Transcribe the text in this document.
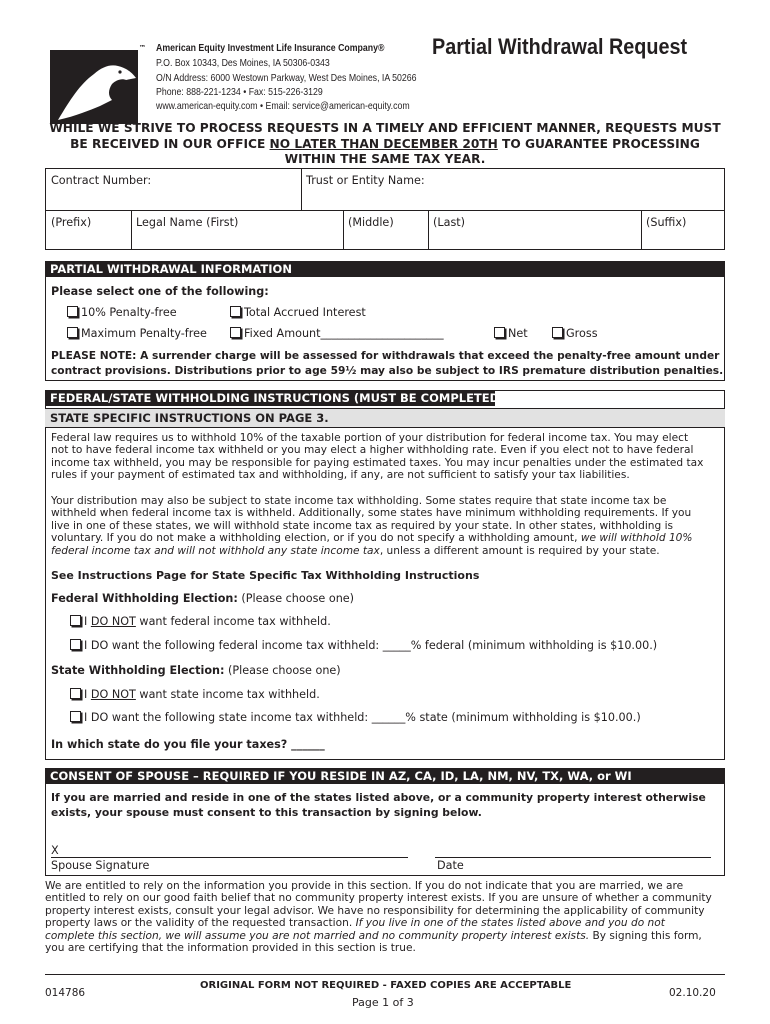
™ American Equity Investment Life Insurance Company®
P.O. Box 10343, Des Moines, IA 50306-0343
O/N Address: 6000 Westown Parkway, West Des Moines, IA 50266
Phone: 888-221-1234 • Fax: 515-226-3129
www.american-equity.com • Email: service@american-equity.com
Partial Withdrawal Request
WHILE WE STRIVE TO PROCESS REQUESTS IN A TIMELY AND EFFICIENT MANNER, REQUESTS MUST
BE RECEIVED IN OUR OFFICE NO LATER THAN DECEMBER 20TH TO GUARANTEE PROCESSING
WITHIN THE SAME TAX YEAR.
Contract Number:	Trust or Entity Name:
(Prefix)	Legal Name (First)	(Middle)	(Last)	(Suffix)
PARTIAL WITHDRAWAL INFORMATION
Please select one of the following:
10% Penalty-free	Total Accrued Interest
Maximum Penalty-free	Fixed Amount______________________	Net	Gross
PLEASE NOTE: A surrender charge will be assessed for withdrawals that exceed the penalty-free amount under
contract provisions. Distributions prior to age 59½ may also be subject to IRS premature distribution penalties.
FEDERAL/STATE WITHHOLDING INSTRUCTIONS (MUST BE COMPLETED)
STATE SPECIFIC INSTRUCTIONS ON PAGE 3.
Federal law requires us to withhold 10% of the taxable portion of your distribution for federal income tax. You may elect
not to have federal income tax withheld or you may elect a higher withholding rate. Even if you elect not to have federal
income tax withheld, you may be responsible for paying estimated taxes. You may incur penalties under the estimated tax
rules if your payment of estimated tax and withholding, if any, are not sufficient to satisfy your tax liabilities.
Your distribution may also be subject to state income tax withholding. Some states require that state income tax be
withheld when federal income tax is withheld. Additionally, some states have minimum withholding requirements. If you
live in one of these states, we will withhold state income tax as required by your state. In other states, withholding is
voluntary. If you do not make a withholding election, or if you do not specify a withholding amount, we will withhold 10%
federal income tax and will not withhold any state income tax, unless a different amount is required by your state.
See Instructions Page for State Specific Tax Withholding Instructions
Federal Withholding Election: (Please choose one)
I DO NOT want federal income tax withheld.
I DO want the following federal income tax withheld: _____% federal (minimum withholding is $10.00.)
State Withholding Election: (Please choose one)
I DO NOT want state income tax withheld.
I DO want the following state income tax withheld: ______% state (minimum withholding is $10.00.)
In which state do you file your taxes? ______
CONSENT OF SPOUSE – REQUIRED IF YOU RESIDE IN AZ, CA, ID, LA, NM, NV, TX, WA, or WI
If you are married and reside in one of the states listed above, or a community property interest otherwise
exists, your spouse must consent to this transaction by signing below.
X
Spouse Signature	Date
We are entitled to rely on the information you provide in this section. If you do not indicate that you are married, we are
entitled to rely on our good faith belief that no community property interest exists. If you are unsure of whether a community
property interest exists, consult your legal advisor. We have no responsibility for determining the applicability of community
property laws or the validity of the requested transaction. If you live in one of the states listed above and you do not
complete this section, we will assume you are not married and no community property interest exists. By signing this form,
you are certifying that the information provided in this section is true.
014786
ORIGINAL FORM NOT REQUIRED - FAXED COPIES ARE ACCEPTABLE
Page 1 of 3
02.10.20
